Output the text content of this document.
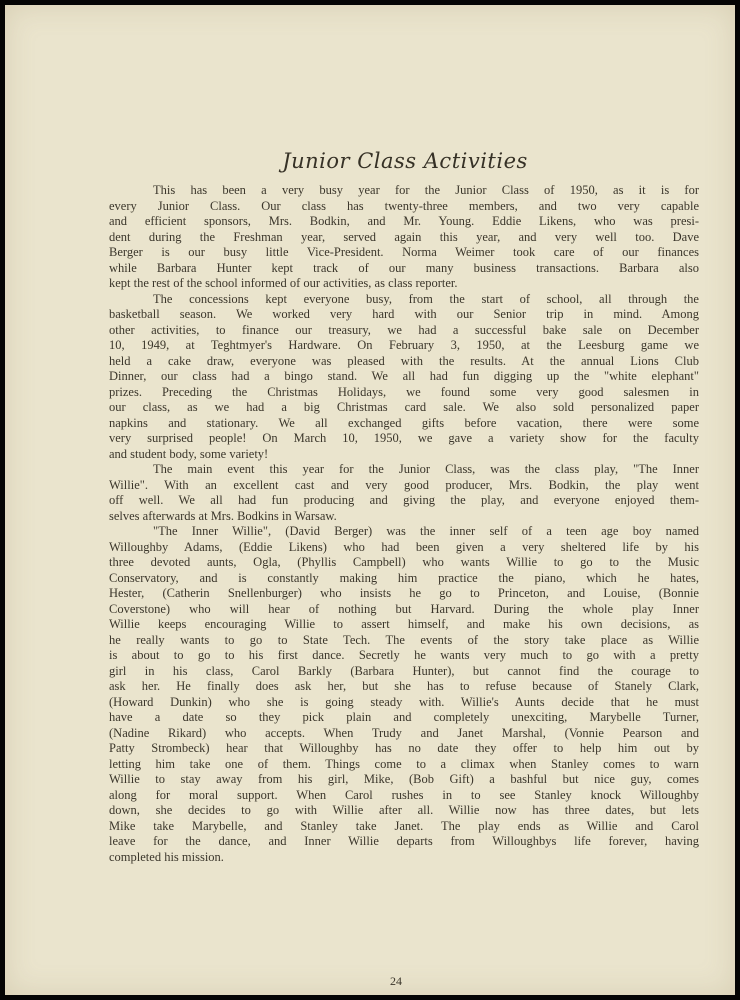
Junior Class Activities
This has been a very busy year for the Junior Class of 1950, as it is for
every Junior Class. Our class has twenty-three members, and two very capable
and efficient sponsors, Mrs. Bodkin, and Mr. Young. Eddie Likens, who was presi-
dent during the Freshman year, served again this year, and very well too. Dave
Berger is our busy little Vice-President. Norma Weimer took care of our finances
while Barbara Hunter kept track of our many business transactions. Barbara also
kept the rest of the school informed of our activities, as class reporter.
The concessions kept everyone busy, from the start of school, all through the
basketball season. We worked very hard with our Senior trip in mind. Among
other activities, to finance our treasury, we had a successful bake sale on December
10, 1949, at Teghtmyer's Hardware. On February 3, 1950, at the Leesburg game we
held a cake draw, everyone was pleased with the results. At the annual Lions Club
Dinner, our class had a bingo stand. We all had fun digging up the "white elephant"
prizes. Preceding the Christmas Holidays, we found some very good salesmen in
our class, as we had a big Christmas card sale. We also sold personalized paper
napkins and stationary. We all exchanged gifts before vacation, there were some
very surprised people! On March 10, 1950, we gave a variety show for the faculty
and student body, some variety!
The main event this year for the Junior Class, was the class play, "The Inner
Willie". With an excellent cast and very good producer, Mrs. Bodkin, the play went
off well. We all had fun producing and giving the play, and everyone enjoyed them-
selves afterwards at Mrs. Bodkins in Warsaw.
"The Inner Willie", (David Berger) was the inner self of a teen age boy named
Willoughby Adams, (Eddie Likens) who had been given a very sheltered life by his
three devoted aunts, Ogla, (Phyllis Campbell) who wants Willie to go to the Music
Conservatory, and is constantly making him practice the piano, which he hates,
Hester, (Catherin Snellenburger) who insists he go to Princeton, and Louise, (Bonnie
Coverstone) who will hear of nothing but Harvard. During the whole play Inner
Willie keeps encouraging Willie to assert himself, and make his own decisions, as
he really wants to go to State Tech. The events of the story take place as Willie
is about to go to his first dance. Secretly he wants very much to go with a pretty
girl in his class, Carol Barkly (Barbara Hunter), but cannot find the courage to
ask her. He finally does ask her, but she has to refuse because of Stanely Clark,
(Howard Dunkin) who she is going steady with. Willie's Aunts decide that he must
have a date so they pick plain and completely unexciting, Marybelle Turner,
(Nadine Rikard) who accepts. When Trudy and Janet Marshal, (Vonnie Pearson and
Patty Strombeck) hear that Willoughby has no date they offer to help him out by
letting him take one of them. Things come to a climax when Stanley comes to warn
Willie to stay away from his girl, Mike, (Bob Gift) a bashful but nice guy, comes
along for moral support. When Carol rushes in to see Stanley knock Willoughby
down, she decides to go with Willie after all. Willie now has three dates, but lets
Mike take Marybelle, and Stanley take Janet. The play ends as Willie and Carol
leave for the dance, and Inner Willie departs from Willoughbys life forever, having
completed his mission.
24
